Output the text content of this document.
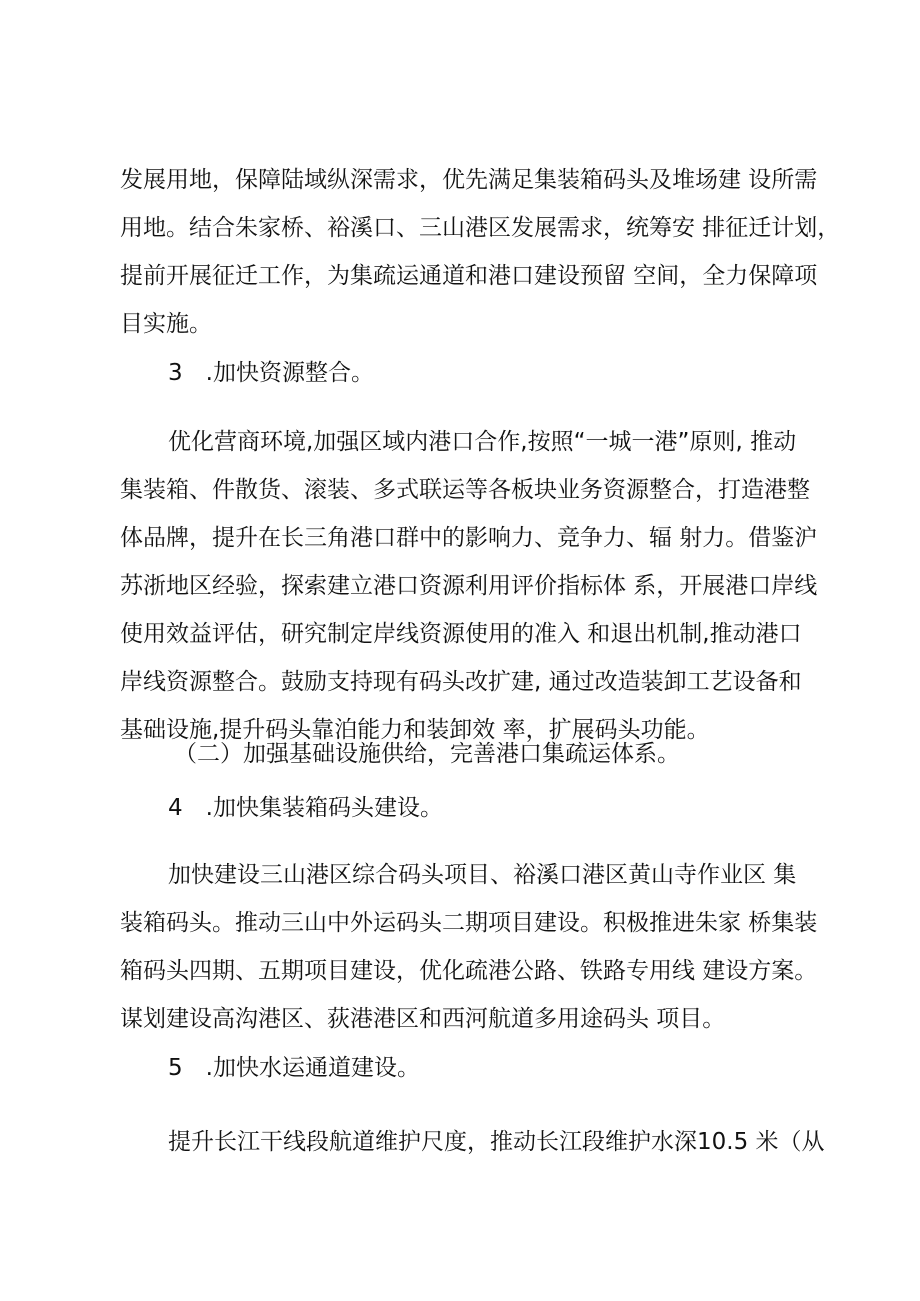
发展用地，保障陆域纵深需求，优先满足集装箱码头及堆场建 设所需
用地。结合朱家桥、裕溪口、三山港区发展需求，统筹安 排征迁计划，
提前开展征迁工作，为集疏运通道和港口建设预留 空间，全力保障项
目实施。

3　.加快资源整合。

优化营商环境,加强区域内港口合作,按照“一城一港”原则, 推动
集装箱、件散货、滚装、多式联运等各板块业务资源整合，打造港整
体品牌，提升在长三角港口群中的影响力、竞争力、辐 射力。借鉴沪
苏浙地区经验，探索建立港口资源利用评价指标体 系，开展港口岸线
使用效益评估，研究制定岸线资源使用的准入 和退出机制,推动港口
岸线资源整合。鼓励支持现有码头改扩建, 通过改造装卸工艺设备和
基础设施,提升码头靠泊能力和装卸效 率，扩展码头功能。

（二）加强基础设施供给，完善港口集疏运体系。

4　.加快集装箱码头建设。

加快建设三山港区综合码头项目、裕溪口港区黄山寺作业区 集
装箱码头。推动三山中外运码头二期项目建设。积极推进朱家 桥集装
箱码头四期、五期项目建设，优化疏港公路、铁路专用线 建设方案。
谋划建设高沟港区、荻港港区和西河航道多用途码头 项目。

5　.加快水运通道建设。

提升长江干线段航道维护尺度，推动长江段维护水深10.5 米（从
